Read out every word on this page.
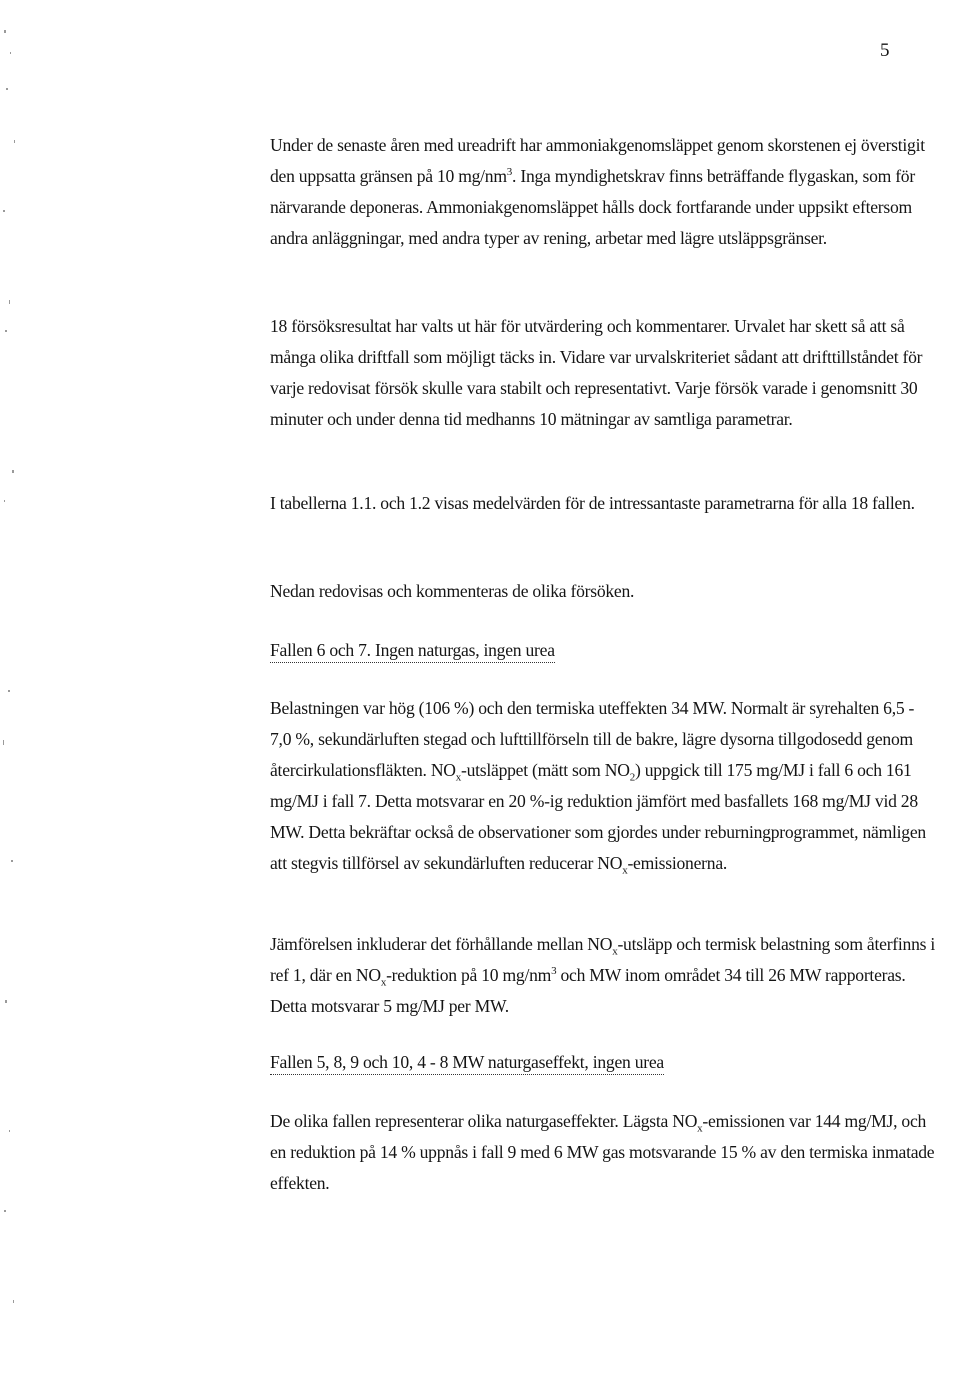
5

Under de senaste åren med ureadrift har ammoniakgenomsläppet genom skorstenen ej överstigit den uppsatta gränsen på 10 $mg/nm^3$. Inga myndighetskrav finns beträffande flygaskan, som för närvarande deponeras. Ammoniakgenomsläppet hålls dock fortfarande under uppsikt eftersom andra anläggningar, med andra typer av rening, arbetar med lägre utsläppsgränser.

18 försöksresultat har valts ut här för utvärdering och kommentarer. Urvalet har skett så att så många olika driftfall som möjligt täcks in. Vidare var urvalskriteriet sådant att drifttillståndet för varje redovisat försök skulle vara stabilt och representativt. Varje försök varade i genomsnitt 30 minuter och under denna tid medhanns 10 mätningar av samtliga parametrar.

I tabellerna 1.1. och 1.2 visas medelvärden för de intressantaste parametrarna för alla 18 fallen.

Nedan redovisas och kommenteras de olika försöken.

Fallen 6 och 7. Ingen naturgas, ingen urea

Belastningen var hög (106 %) och den termiska uteffekten 34 MW. Normalt är syrehalten 6,5 - 7,0 %, sekundärluften stegad och lufttillförseln till de bakre, lägre dysorna tillgodosedd genom återcirkulationsfläkten. $NO_x$-utsläppet (mätt som $NO_2$) uppgick till 175 mg/MJ i fall 6 och 161 mg/MJ i fall 7. Detta motsvarar en 20 %-ig reduktion jämfört med basfallets 168 mg/MJ vid 28 MW. Detta bekräftar också de observationer som gjordes under reburningprogrammet, nämligen att stegvis tillförsel av sekundärluften reducerar $NO_x$-emissionerna.

Jämförelsen inkluderar det förhållande mellan $NO_x$-utsläpp och termisk belastning som återfinns i ref 1, där en $NO_x$-reduktion på 10 $mg/nm^3$ och MW inom området 34 till 26 MW rapporteras. Detta motsvarar 5 mg/MJ per MW.

Fallen 5, 8, 9 och 10, 4 - 8 MW naturgaseffekt, ingen urea

De olika fallen representerar olika naturgaseffekter. Lägsta $NO_x$-emissionen var 144 mg/MJ, och en reduktion på 14 % uppnås i fall 9 med 6 MW gas motsvarande 15 % av den termiska inmatade effekten.
